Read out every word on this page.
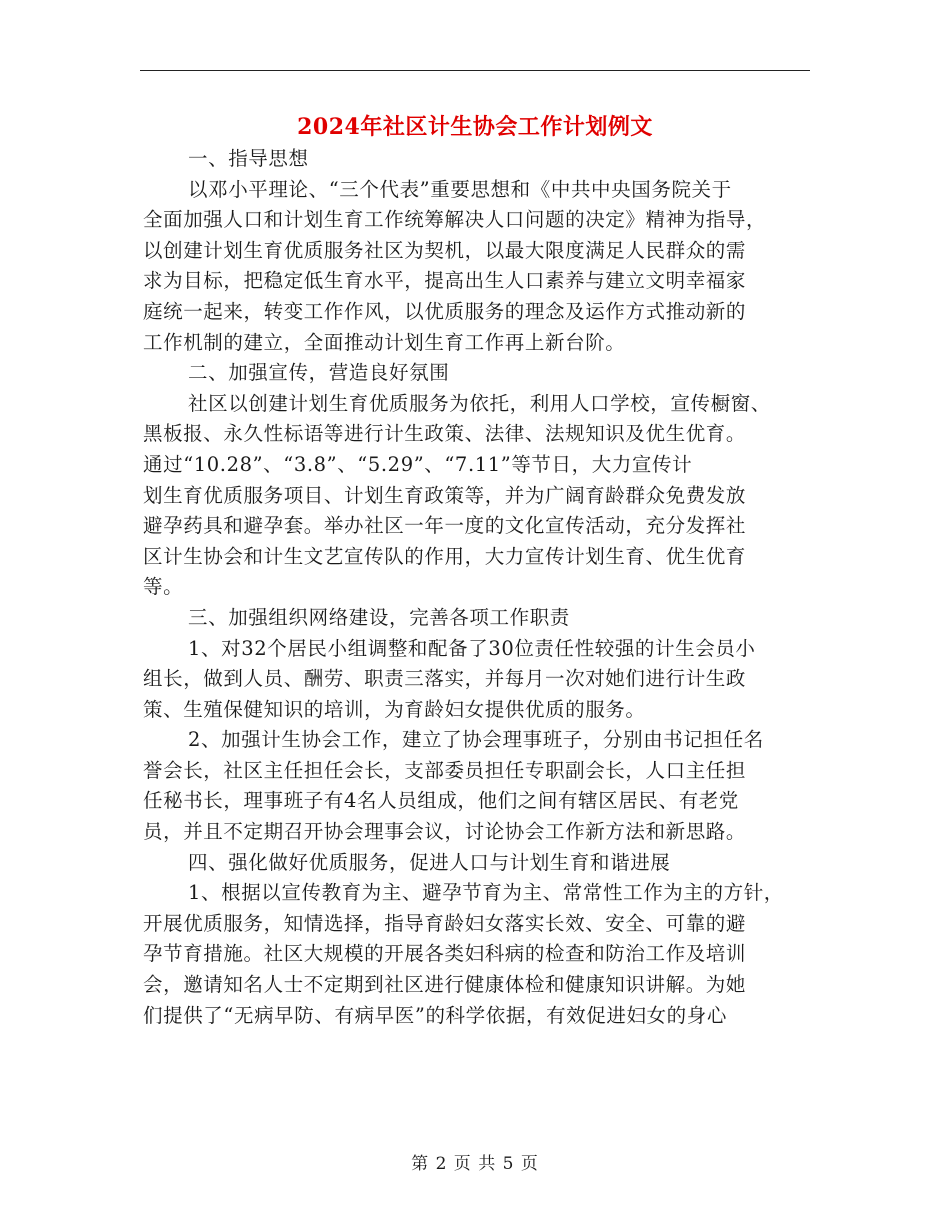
2024年社区计生协会工作计划例文
一、指导思想
以邓小平理论、“三个代表”重要思想和《中共中央国务院关于
全面加强人口和计划生育工作统筹解决人口问题的决定》精神为指导，
以创建计划生育优质服务社区为契机，以最大限度满足人民群众的需
求为目标，把稳定低生育水平，提高出生人口素养与建立文明幸福家
庭统一起来，转变工作作风，以优质服务的理念及运作方式推动新的
工作机制的建立，全面推动计划生育工作再上新台阶。
二、加强宣传，营造良好氛围
社区以创建计划生育优质服务为依托，利用人口学校，宣传橱窗、
黑板报、永久性标语等进行计生政策、法律、法规知识及优生优育。
通过“10.28”、“3.8”、“5.29”、“7.11”等节日，大力宣传计
划生育优质服务项目、计划生育政策等，并为广阔育龄群众免费发放
避孕药具和避孕套。举办社区一年一度的文化宣传活动，充分发挥社
区计生协会和计生文艺宣传队的作用，大力宣传计划生育、优生优育
等。
三、加强组织网络建设，完善各项工作职责
1、对32个居民小组调整和配备了30位责任性较强的计生会员小
组长，做到人员、酬劳、职责三落实，并每月一次对她们进行计生政
策、生殖保健知识的培训，为育龄妇女提供优质的服务。
2、加强计生协会工作，建立了协会理事班子，分别由书记担任名
誉会长，社区主任担任会长，支部委员担任专职副会长，人口主任担
任秘书长，理事班子有4名人员组成，他们之间有辖区居民、有老党
员，并且不定期召开协会理事会议，讨论协会工作新方法和新思路。
四、强化做好优质服务，促进人口与计划生育和谐进展
1、根据以宣传教育为主、避孕节育为主、常常性工作为主的方针，
开展优质服务，知情选择，指导育龄妇女落实长效、安全、可靠的避
孕节育措施。社区大规模的开展各类妇科病的检查和防治工作及培训
会，邀请知名人士不定期到社区进行健康体检和健康知识讲解。为她
们提供了“无病早防、有病早医”的科学依据，有效促进妇女的身心
第 2 页 共 5 页
